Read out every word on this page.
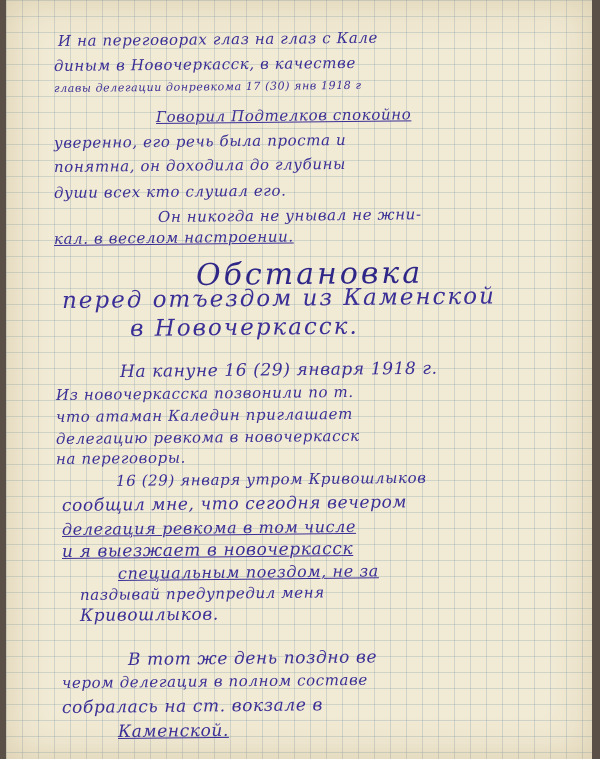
И на переговорах глаз на глаз с Кале
диным в Новочеркасск, в качестве
главы делегации донревкома 17 (30) янв 1918 г
Говорил Подтелков спокойно
уверенно, его речь была проста и
понятна, он доходила до глубины
души всех кто слушал его.
Он никогда не унывал не жни-
кал. в веселом настроении.
Обстановка
перед отъездом из Каменской
в Новочеркасск.
На кануне 16 (29) января 1918 г.
Из новочеркасска позвонили по т.
что атаман Каледин приглашает
делегацию ревкома в новочеркасск
на переговоры.
16 (29) января утром Кривошлыков
сообщил мне, что сегодня вечером
делегация ревкома в том числе
и я выезжает в новочеркасск
специальным поездом, не за
паздывай предупредил меня
Кривошлыков.
В тот же день поздно ве
чером делегация в полном составе
собралась на ст. вокзале в
Каменской.
